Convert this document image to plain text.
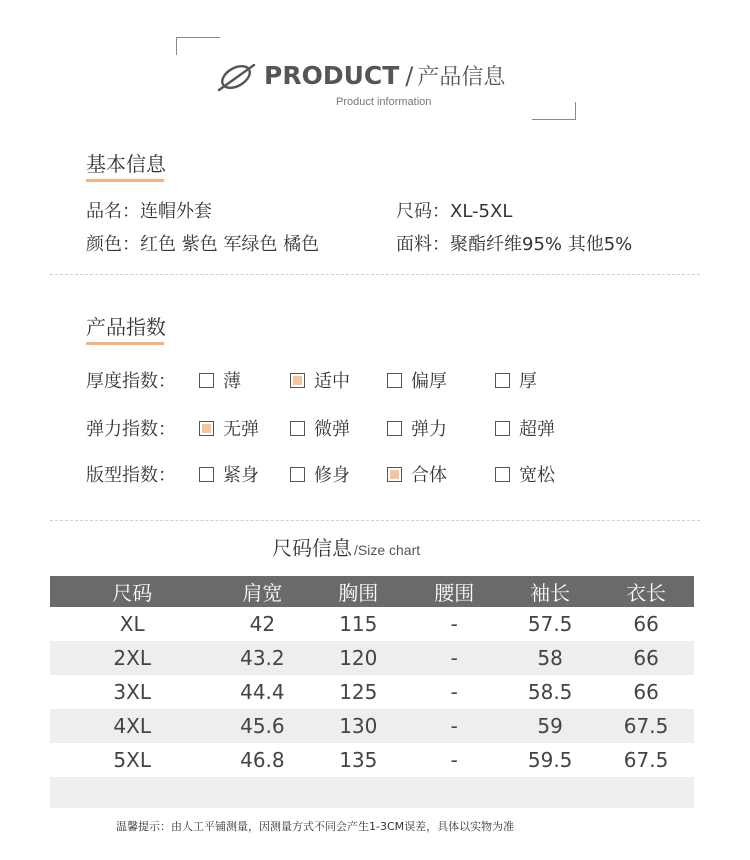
PRODUCT / 产品信息
Product information
基本信息
品名：连帽外套	尺码：XL-5XL
颜色：红色 紫色 军绿色 橘色	面料：聚酯纤维95% 其他5%
产品指数
厚度指数：	薄	适中	偏厚	厚
弹力指数：	无弹	微弹	弹力	超弹
版型指数：	紧身	修身	合体	宽松
尺码信息 /Size chart
尺码	肩宽	胸围	腰围	袖长	衣长
XL	42	115	-	57.5	66
2XL	43.2	120	-	58	66
3XL	44.4	125	-	58.5	66
4XL	45.6	130	-	59	67.5
5XL	46.8	135	-	59.5	67.5
温馨提示：由人工平铺测量，因测量方式不同会产生1-3CM误差，具体以实物为准
